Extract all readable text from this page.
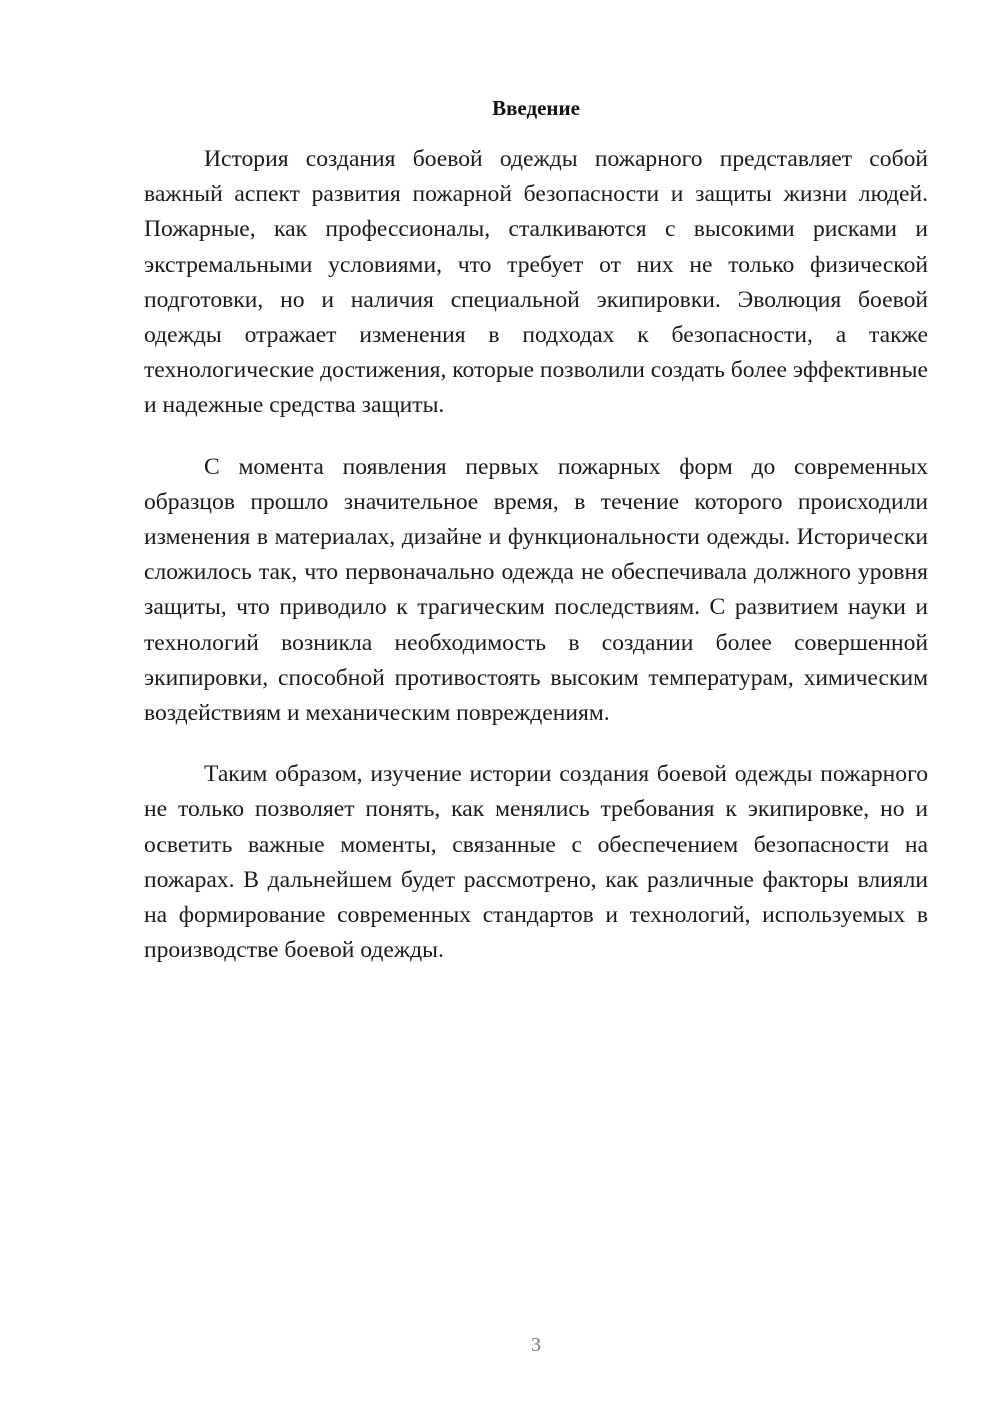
Введение

История создания боевой одежды пожарного представляет собой важный аспект развития пожарной безопасности и защиты жизни людей. Пожарные, как профессионалы, сталкиваются с высокими рисками и экстремальными условиями, что требует от них не только физической подготовки, но и наличия специальной экипировки. Эволюция боевой одежды отражает изменения в подходах к безопасности, а также технологические достижения, которые позволили создать более эффективные и надежные средства защиты.

С момента появления первых пожарных форм до современных образцов прошло значительное время, в течение которого происходили изменения в материалах, дизайне и функциональности одежды. Исторически сложилось так, что первоначально одежда не обеспечивала должного уровня защиты, что приводило к трагическим последствиям. С развитием науки и технологий возникла необходимость в создании более совершенной экипировки, способной противостоять высоким температурам, химическим воздействиям и механическим повреждениям.

Таким образом, изучение истории создания боевой одежды пожарного не только позволяет понять, как менялись требования к экипировке, но и осветить важные моменты, связанные с обеспечением безопасности на пожарах. В дальнейшем будет рассмотрено, как различные факторы влияли на формирование современных стандартов и технологий, используемых в производстве боевой одежды.

3
